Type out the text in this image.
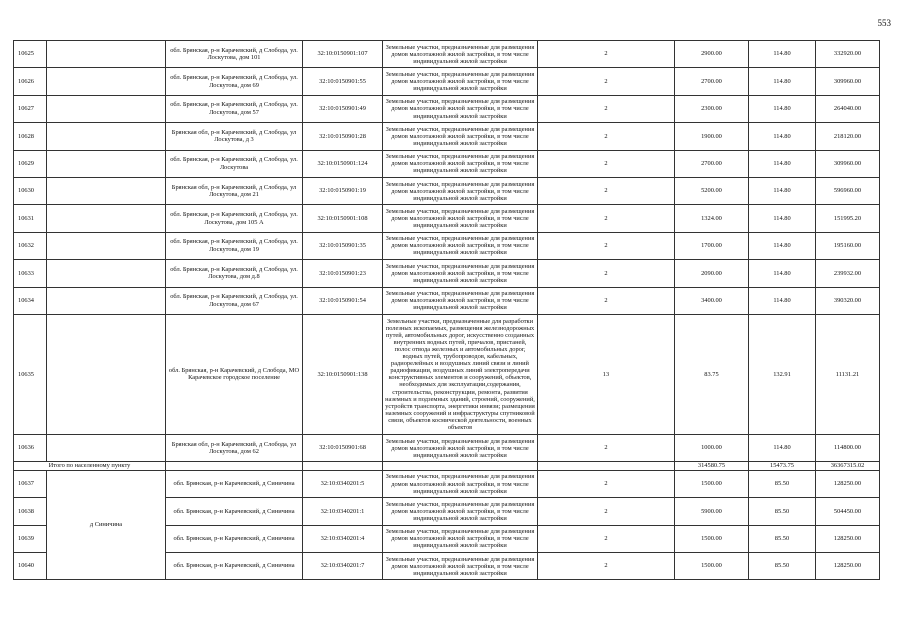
553
10625		обл. Брянская, р-н Карачевский, д Слобода, ул. Лоскутова, дом 101	32:10:0150901:107	Земельные участки, предназначенные для размещения домов малоэтажной жилой застройки, в том числе индивидуальной жилой застройки	2	2900.00	114.80	332920.00
10626		обл. Брянская, р-н Карачевский, д Слобода, ул. Лоскутова, дом 69	32:10:0150901:55	Земельные участки, предназначенные для размещения домов малоэтажной жилой застройки, в том числе индивидуальной жилой застройки	2	2700.00	114.80	309960.00
10627		обл. Брянская, р-н Карачевский, д Слобода, ул. Лоскутова, дом 57	32:10:0150901:49	Земельные участки, предназначенные для размещения домов малоэтажной жилой застройки, в том числе индивидуальной жилой застройки	2	2300.00	114.80	264040.00
10628		Брянская обл, р-н Карачевский, д Слобода, ул Лоскутова, д 3	32:10:0150901:28	Земельные участки, предназначенные для размещения домов малоэтажной жилой застройки, в том числе индивидуальной жилой застройки	2	1900.00	114.80	218120.00
10629		обл. Брянская, р-н Карачевский, д Слобода, ул. Лоскутова	32:10:0150901:124	Земельные участки, предназначенные для размещения домов малоэтажной жилой застройки, в том числе индивидуальной жилой застройки	2	2700.00	114.80	309960.00
10630		Брянская обл, р-н Карачевский, д Слобода, ул Лоскутова, дом 21	32:10:0150901:19	Земельные участки, предназначенные для размещения домов малоэтажной жилой застройки, в том числе индивидуальной жилой застройки	2	5200.00	114.80	596960.00
10631		обл. Брянская, р-н Карачевский, д Слобода, ул. Лоскутова, дом 105 А	32:10:0150901:108	Земельные участки, предназначенные для размещения домов малоэтажной жилой застройки, в том числе индивидуальной жилой застройки	2	1324.00	114.80	151995.20
10632		обл. Брянская, р-н Карачевский, д Слобода, ул. Лоскутова, дом 19	32:10:0150901:35	Земельные участки, предназначенные для размещения домов малоэтажной жилой застройки, в том числе индивидуальной жилой застройки	2	1700.00	114.80	195160.00
10633		обл. Брянская, р-н Карачевский, д Слобода, ул. Лоскутова, дом д.8	32:10:0150901:23	Земельные участки, предназначенные для размещения домов малоэтажной жилой застройки, в том числе индивидуальной жилой застройки	2	2090.00	114.80	239932.00
10634		обл. Брянская, р-н Карачевский, д Слобода, ул. Лоскутова, дом 67	32:10:0150901:54	Земельные участки, предназначенные для размещения домов малоэтажной жилой застройки, в том числе индивидуальной жилой застройки	2	3400.00	114.80	390320.00
10635		обл. Брянская, р-н Карачевский, д Слобода, МО Карачевское городское поселение	32:10:0150901:138	Земельные участки, предназначенные для разработки полезных ископаемых, размещения железнодорожных путей, автомобильных дорог, искусственно созданных внутренних водных путей, причалов, пристаней, полос отвода железных и автомобильных дорог, водных путей, трубопроводов, кабельных, радиорелейных и воздушных линий связи и линий радиофикации, воздушных линий электропередачи конструктивных элементов и сооружений, объектов, необходимых для эксплуатации,содержания, строительства, реконструкции, ремонта, развития наземных и подземных зданий, строений, сооружений, устройств транспорта, энергетики инвязи; размещения наземных сооружений и инфраструктуры спутниковой связи, объектов космической деятельности, военных объектов	13	83.75	132.91	11131.21
10636		Брянская обл, р-н Карачевский, д Слобода, ул Лоскутова, дом 62	32:10:0150901:68	Земельные участки, предназначенные для размещения домов малоэтажной жилой застройки, в том числе индивидуальной жилой застройки	2	1000.00	114.80	114800.00
Итого по населенному пункту						314580.75	15473.75	36367315.02
10637	д Синичина	обл. Брянская, р-н Карачевский, д Синичина	32:10:0340201:5	Земельные участки, предназначенные для размещения домов малоэтажной жилой застройки, в том числе индивидуальной жилой застройки	2	1500.00	85.50	128250.00
10638		обл. Брянская, р-н Карачевский, д Синичина	32:10:0340201:1	Земельные участки, предназначенные для размещения домов малоэтажной жилой застройки, в том числе индивидуальной жилой застройки	2	5900.00	85.50	504450.00
10639		обл. Брянская, р-н Карачевский, д Синичина	32:10:0340201:4	Земельные участки, предназначенные для размещения домов малоэтажной жилой застройки, в том числе индивидуальной жилой застройки	2	1500.00	85.50	128250.00
10640		обл. Брянская, р-н Карачевский, д Синичина	32:10:0340201:7	Земельные участки, предназначенные для размещения домов малоэтажной жилой застройки, в том числе индивидуальной жилой застройки	2	1500.00	85.50	128250.00
